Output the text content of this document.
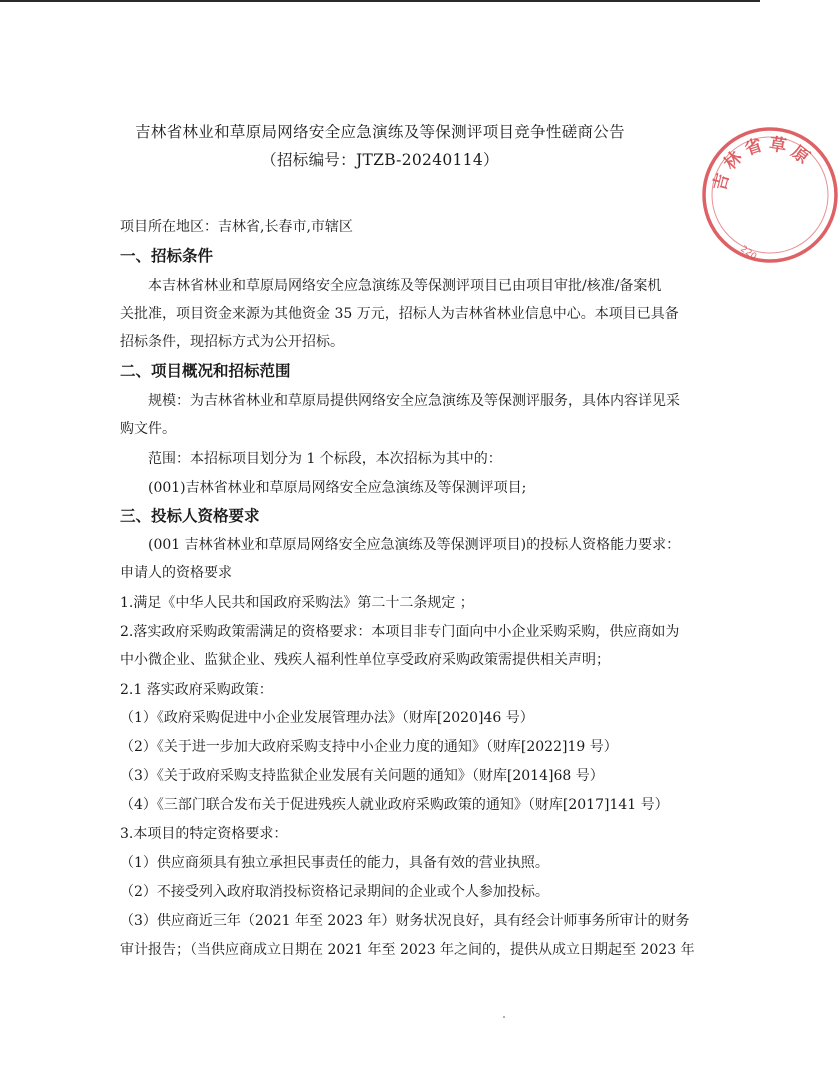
吉林省林业和草原局网络安全应急演练及等保测评项目竞争性磋商公告
（招标编号：JTZB-20240114）
项目所在地区：吉林省,长春市,市辖区
一、招标条件
本吉林省林业和草原局网络安全应急演练及等保测评项目已由项目审批/核准/备案机
关批准，项目资金来源为其他资金 35 万元，招标人为吉林省林业信息中心。本项目已具备
招标条件，现招标方式为公开招标。
二、项目概况和招标范围
规模：为吉林省林业和草原局提供网络安全应急演练及等保测评服务，具体内容详见采
购文件。
范围：本招标项目划分为 1 个标段，本次招标为其中的：
(001)吉林省林业和草原局网络安全应急演练及等保测评项目;
三、投标人资格要求
(001 吉林省林业和草原局网络安全应急演练及等保测评项目)的投标人资格能力要求：
申请人的资格要求
1.满足《中华人民共和国政府采购法》第二十二条规定 ；
2.落实政府采购政策需满足的资格要求：本项目非专门面向中小企业采购采购，供应商如为
中小微企业、监狱企业、残疾人福利性单位享受政府采购政策需提供相关声明；
2.1 落实政府采购政策：
（1）《政府采购促进中小企业发展管理办法》（财库[2020]46 号）
（2）《关于进一步加大政府采购支持中小企业力度的通知》（财库[2022]19 号）
（3）《关于政府采购支持监狱企业发展有关问题的通知》（财库[2014]68 号）
（4）《三部门联合发布关于促进残疾人就业政府采购政策的通知》（财库[2017]141 号）
3.本项目的特定资格要求：
（1）供应商须具有独立承担民事责任的能力，具备有效的营业执照。
（2）不接受列入政府取消投标资格记录期间的企业或个人参加投标。
（3）供应商近三年（2021 年至 2023 年）财务状况良好，具有经会计师事务所审计的财务
审计报告；（当供应商成立日期在 2021 年至 2023 年之间的，提供从成立日期起至 2023 年
吉
林
省 草 原
220
